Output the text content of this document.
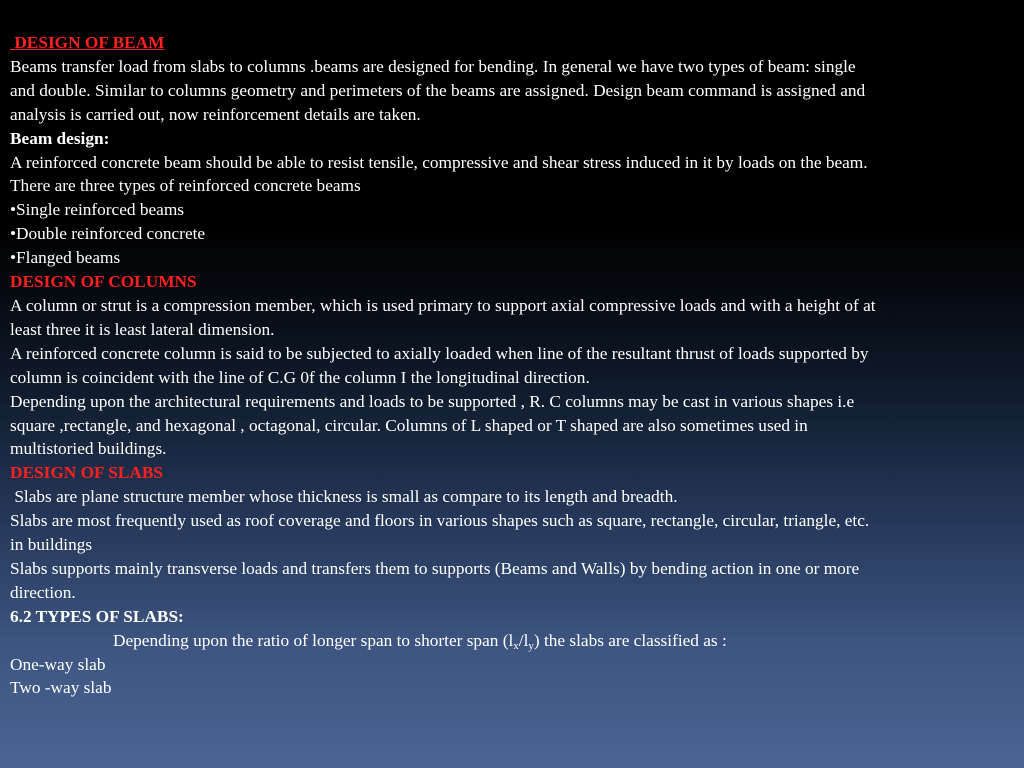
DESIGN OF BEAM
Beams transfer load from slabs to columns .beams are designed for bending. In general we have two types of beam: single
and double. Similar to columns geometry and perimeters of the beams are assigned. Design beam command is assigned and
analysis is carried out, now reinforcement details are taken.
Beam design:
A reinforced concrete beam should be able to resist tensile, compressive and shear stress induced in it by loads on the beam.
There are three types of reinforced concrete beams
•Single reinforced beams
•Double reinforced concrete
•Flanged beams
DESIGN OF COLUMNS
A column or strut is a compression member, which is used primary to support axial compressive loads and with a height of at
least three it is least lateral dimension.
A reinforced concrete column is said to be subjected to axially loaded when line of the resultant thrust of loads supported by
column is coincident with the line of C.G 0f the column I the longitudinal direction.
Depending upon the architectural requirements and loads to be supported , R. C columns may be cast in various shapes i.e
square ,rectangle, and hexagonal , octagonal, circular. Columns of L shaped or T shaped are also sometimes used in
multistoried buildings.
DESIGN OF SLABS
Slabs are plane structure member whose thickness is small as compare to its length and breadth.
Slabs are most frequently used as roof coverage and floors in various shapes such as square, rectangle, circular, triangle, etc.
in buildings
Slabs supports mainly transverse loads and transfers them to supports (Beams and Walls) by bending action in one or more
direction.
6.2 TYPES OF SLABS:
Depending upon the ratio of longer span to shorter span $(l_x/l_y)$ the slabs are classified as :
One-way slab
Two -way slab
